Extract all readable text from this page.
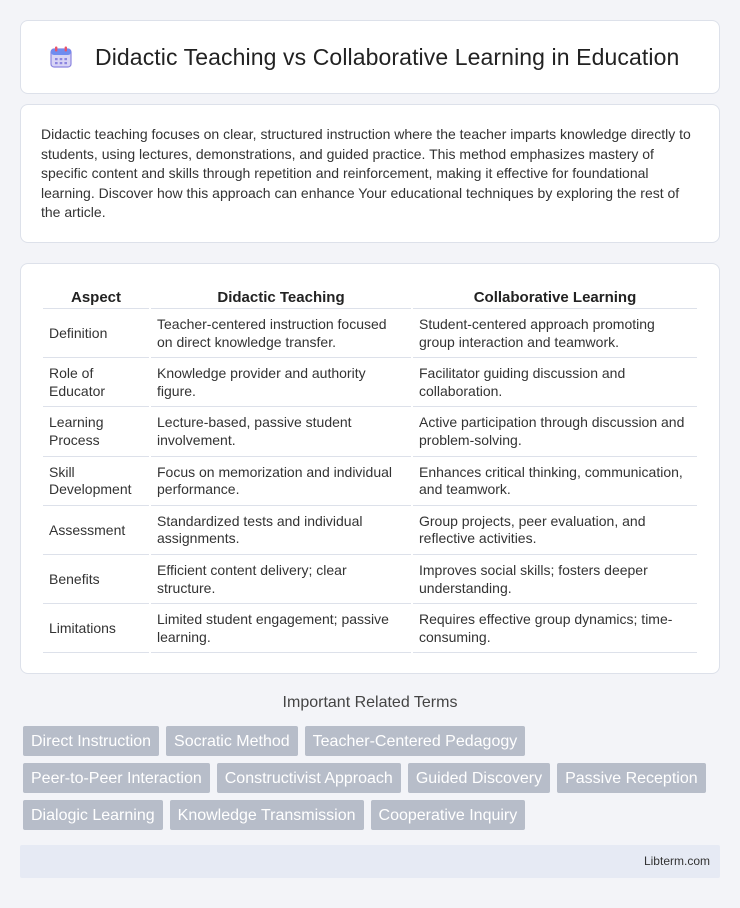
Didactic Teaching vs Collaborative Learning in Education

Didactic teaching focuses on clear, structured instruction where the teacher imparts knowledge directly to students, using lectures, demonstrations, and guided practice. This method emphasizes mastery of specific content and skills through repetition and reinforcement, making it effective for foundational learning. Discover how this approach can enhance Your educational techniques by exploring the rest of the article.

Aspect	Didactic Teaching	Collaborative Learning
Definition	Teacher-centered instruction focused on direct knowledge transfer.	Student-centered approach promoting group interaction and teamwork.
Role of Educator	Knowledge provider and authority figure.	Facilitator guiding discussion and collaboration.
Learning Process	Lecture-based, passive student involvement.	Active participation through discussion and problem-solving.
Skill Development	Focus on memorization and individual performance.	Enhances critical thinking, communication, and teamwork.
Assessment	Standardized tests and individual assignments.	Group projects, peer evaluation, and reflective activities.
Benefits	Efficient content delivery; clear structure.	Improves social skills; fosters deeper understanding.
Limitations	Limited student engagement; passive learning.	Requires effective group dynamics; time-consuming.
Important Related Terms
Direct Instruction	Socratic Method	Teacher-Centered Pedagogy
Peer-to-Peer Interaction	Constructivist Approach	Guided Discovery	Passive Reception
Dialogic Learning	Knowledge Transmission	Cooperative Inquiry
Libterm.com
